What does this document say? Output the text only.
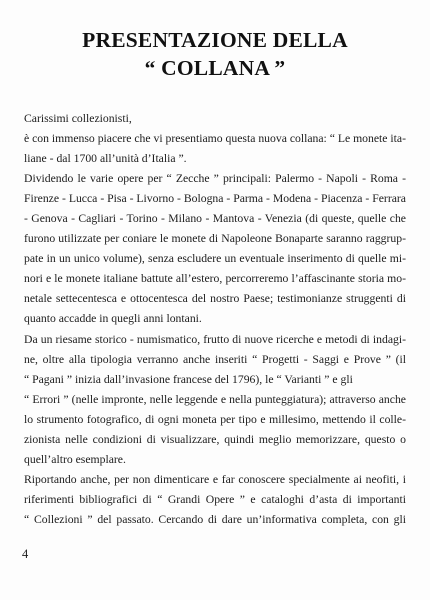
PRESENTAZIONE DELLA
“ COLLANA ”
Carissimi collezionisti,
è con immenso piacere che vi presentiamo questa nuova collana: “ Le monete ita-
liane - dal 1700 all’unità d’Italia ”.
Dividendo le varie opere per “ Zecche ” principali: Palermo - Napoli - Roma -
Firenze - Lucca - Pisa - Livorno - Bologna - Parma - Modena - Piacenza - Ferrara
- Genova - Cagliari - Torino - Milano - Mantova - Venezia (di queste, quelle che
furono utilizzate per coniare le monete di Napoleone Bonaparte saranno raggrup-
pate in un unico volume), senza escludere un eventuale inserimento di quelle mi-
nori e le monete italiane battute all’estero, percorreremo l’affascinante storia mo-
netale settecentesca e ottocentesca del nostro Paese; testimonianze struggenti di
quanto accadde in quegli anni lontani.
Da un riesame storico - numismatico, frutto di nuove ricerche e metodi di indagi-
ne, oltre alla tipologia verranno anche inseriti “ Progetti - Saggi e Prove ” (il
“ Pagani ” inizia dall’invasione francese del 1796), le “ Varianti ” e gli
“ Errori ” (nelle impronte, nelle leggende e nella punteggiatura); attraverso anche
lo strumento fotografico, di ogni moneta per tipo e millesimo, mettendo il colle-
zionista nelle condizioni di visualizzare, quindi meglio memorizzare, questo o
quell’altro esemplare.
Riportando anche, per non dimenticare e far conoscere specialmente ai neofiti, i
riferimenti bibliografici di “ Grandi Opere ” e cataloghi d’asta di importanti
“ Collezioni ” del passato. Cercando di dare un’informativa completa, con gli
4
